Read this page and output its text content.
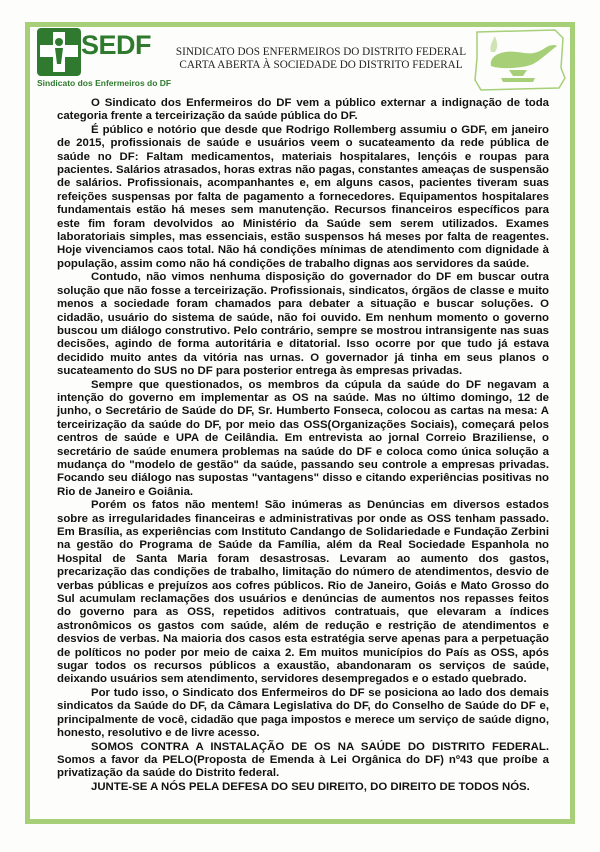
SEDF
Sindicato dos Enfermeiros do DF
SINDICATO DOS ENFERMEIROS DO DISTRITO FEDERAL
CARTA ABERTA À SOCIEDADE DO DISTRITO FEDERAL

O Sindicato dos Enfermeiros do DF vem a público externar a indignação de toda categoria frente a terceirização da saúde pública do DF.

É público e notório que desde que Rodrigo Rollemberg assumiu o GDF, em janeiro de 2015, profissionais de saúde e usuários veem o sucateamento da rede pública de saúde no DF: Faltam medicamentos, materiais hospitalares, lençóis e roupas para pacientes. Salários atrasados, horas extras não pagas, constantes ameaças de suspensão de salários. Profissionais, acompanhantes e, em alguns casos, pacientes tiveram suas refeições suspensas por falta de pagamento a fornecedores. Equipamentos hospitalares fundamentais estão há meses sem manutenção. Recursos financeiros específicos para este fim foram devolvidos ao Ministério da Saúde sem serem utilizados. Exames laboratoriais simples, mas essenciais, estão suspensos há meses por falta de reagentes. Hoje vivenciamos caos total. Não há condições mínimas de atendimento com dignidade à população, assim como não há condições de trabalho dignas aos servidores da saúde.

Contudo, não vimos nenhuma disposição do governador do DF em buscar outra solução que não fosse a terceirização. Profissionais, sindicatos, órgãos de classe e muito menos a sociedade foram chamados para debater a situação e buscar soluções. O cidadão, usuário do sistema de saúde, não foi ouvido. Em nenhum momento o governo buscou um diálogo construtivo. Pelo contrário, sempre se mostrou intransigente nas suas decisões, agindo de forma autoritária e ditatorial. Isso ocorre por que tudo já estava decidido muito antes da vitória nas urnas. O governador já tinha em seus planos o sucateamento do SUS no DF para posterior entrega às empresas privadas.

Sempre que questionados, os membros da cúpula da saúde do DF negavam a intenção do governo em implementar as OS na saúde. Mas no último domingo, 12 de junho, o Secretário de Saúde do DF, Sr. Humberto Fonseca, colocou as cartas na mesa: A terceirização da saúde do DF, por meio das OSS(Organizações Sociais), começará pelos centros de saúde e UPA de Ceilândia. Em entrevista ao jornal Correio Braziliense, o secretário de saúde enumera problemas na saúde do DF e coloca como única solução a mudança do "modelo de gestão" da saúde, passando seu controle a empresas privadas. Focando seu diálogo nas supostas "vantagens" disso e citando experiências positivas no Rio de Janeiro e Goiânia.

Porém os fatos não mentem! São inúmeras as Denúncias em diversos estados sobre as irregularidades financeiras e administrativas por onde as OSS tenham passado. Em Brasília, as experiências com Instituto Candango de Solidariedade e Fundação Zerbini na gestão do Programa de Saúde da Família, além da Real Sociedade Espanhola no Hospital de Santa Maria foram desastrosas. Levaram ao aumento dos gastos, precarização das condições de trabalho, limitação do número de atendimentos, desvio de verbas públicas e prejuízos aos cofres públicos. Rio de Janeiro, Goiás e Mato Grosso do Sul acumulam reclamações dos usuários e denúncias de aumentos nos repasses feitos do governo para as OSS, repetidos aditivos contratuais, que elevaram a índices astronômicos os gastos com saúde, além de redução e restrição de atendimentos e desvios de verbas. Na maioria dos casos esta estratégia serve apenas para a perpetuação de políticos no poder por meio de caixa 2. Em muitos municípios do País as OSS, após sugar todos os recursos públicos a exaustão, abandonaram os serviços de saúde, deixando usuários sem atendimento, servidores desempregados e o estado quebrado.

Por tudo isso, o Sindicato dos Enfermeiros do DF se posiciona ao lado dos demais sindicatos da Saúde do DF, da Câmara Legislativa do DF, do Conselho de Saúde do DF e, principalmente de você, cidadão que paga impostos e merece um serviço de saúde digno, honesto, resolutivo e de livre acesso.

SOMOS CONTRA A INSTALAÇÃO DE OS NA SAÚDE DO DISTRITO FEDERAL. Somos a favor da PELO(Proposta de Emenda à Lei Orgânica do DF) nº43 que proíbe a privatização da saúde do Distrito federal.

JUNTE-SE A NÓS PELA DEFESA DO SEU DIREITO, DO DIREITO DE TODOS NÓS.
